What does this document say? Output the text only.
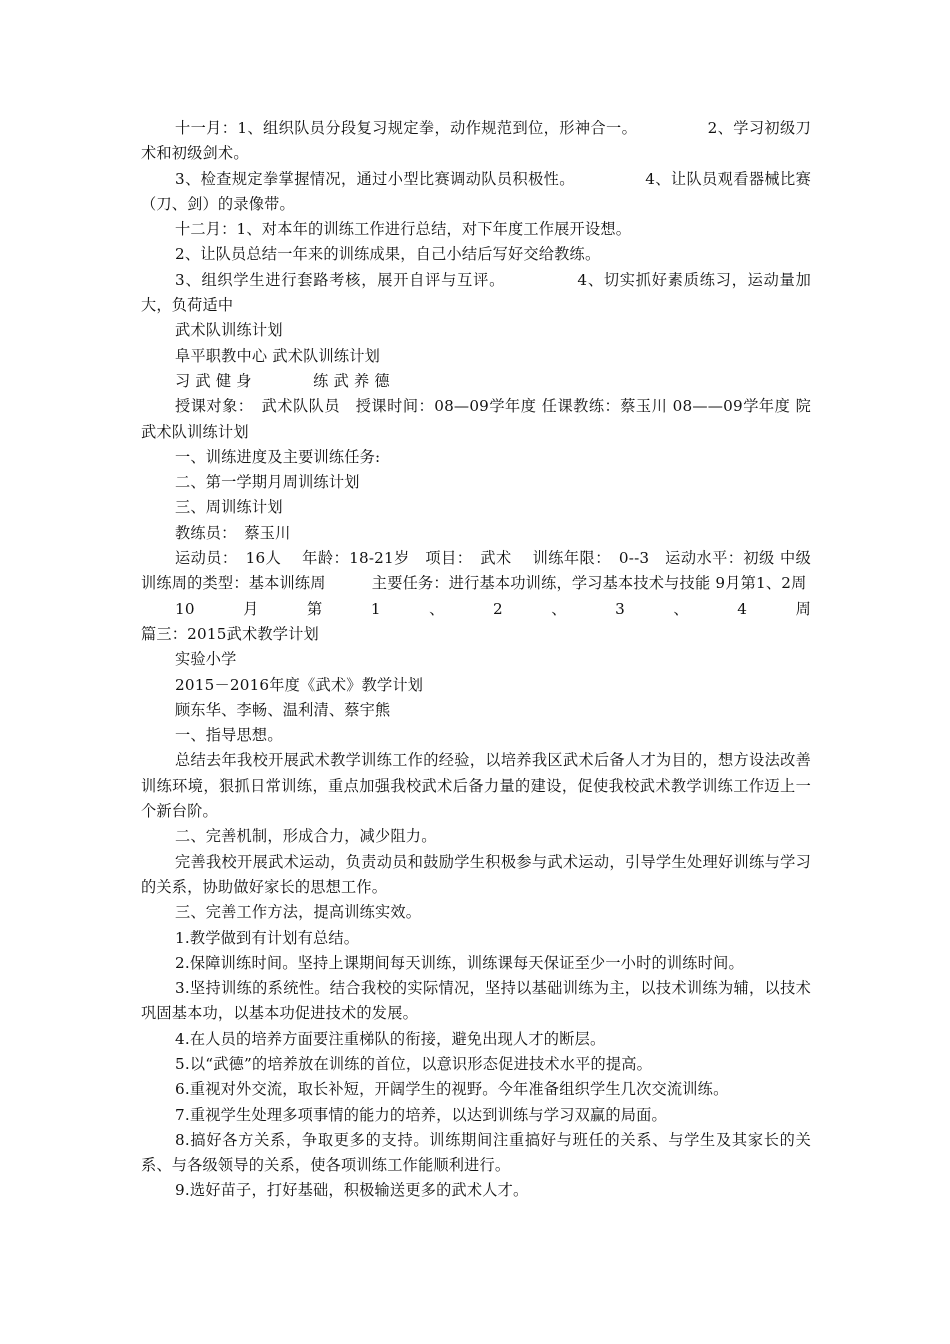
十一月：1、组织队员分段复习规定拳，动作规范到位，形神合一。　　　　　2、学习初级刀术和初级剑术。

3、检查规定拳掌握情况，通过小型比赛调动队员积极性。　　　　　4、让队员观看器械比赛（刀、剑）的录像带。

十二月：1、对本年的训练工作进行总结，对下年度工作展开设想。

2、让队员总结一年来的训练成果，自己小结后写好交给教练。

3、组织学生进行套路考核，展开自评与互评。　　　　　4、切实抓好素质练习，运动量加大，负荷适中

武术队训练计划

阜平职教中心 武术队训练计划

习 武 健 身　　　　练 武 养 德

授课对象：　武术队队员　授课时间：08—09学年度 任课教练：蔡玉川 08——09学年度 院武术队训练计划

一、训练进度及主要训练任务:

二、第一学期月周训练计划

三、周训练计划

教练员：　蔡玉川

运动员：　16人　 年龄：18-21岁　项目：　武术　 训练年限：　0--3　运动水平：初级 中级　训练周的类型：基本训练周　　　主要任务：进行基本功训练，学习基本技术与技能 9月第1、2周

10	月	第	1	、	2	、	3	、	4	周

篇三：2015武术教学计划

实验小学

2015－2016年度《武术》教学计划

顾东华、李畅、温利清、蔡宇熊

一、指导思想。

总结去年我校开展武术教学训练工作的经验，以培养我区武术后备人才为目的，想方设法改善训练环境，狠抓日常训练，重点加强我校武术后备力量的建设，促使我校武术教学训练工作迈上一个新台阶。

二、完善机制，形成合力，减少阻力。

完善我校开展武术运动，负责动员和鼓励学生积极参与武术运动，引导学生处理好训练与学习的关系，协助做好家长的思想工作。

三、完善工作方法，提高训练实效。

1.教学做到有计划有总结。

2.保障训练时间。坚持上课期间每天训练，训练课每天保证至少一小时的训练时间。

3.坚持训练的系统性。结合我校的实际情况，坚持以基础训练为主，以技术训练为辅，以技术巩固基本功，以基本功促进技术的发展。

4.在人员的培养方面要注重梯队的衔接，避免出现人才的断层。

5.以“武德”的培养放在训练的首位，以意识形态促进技术水平的提高。

6.重视对外交流，取长补短，开阔学生的视野。今年准备组织学生几次交流训练。

7.重视学生处理多项事情的能力的培养，以达到训练与学习双赢的局面。

8.搞好各方关系，争取更多的支持。训练期间注重搞好与班任的关系、与学生及其家长的关系、与各级领导的关系，使各项训练工作能顺利进行。

9.选好苗子，打好基础，积极输送更多的武术人才。
